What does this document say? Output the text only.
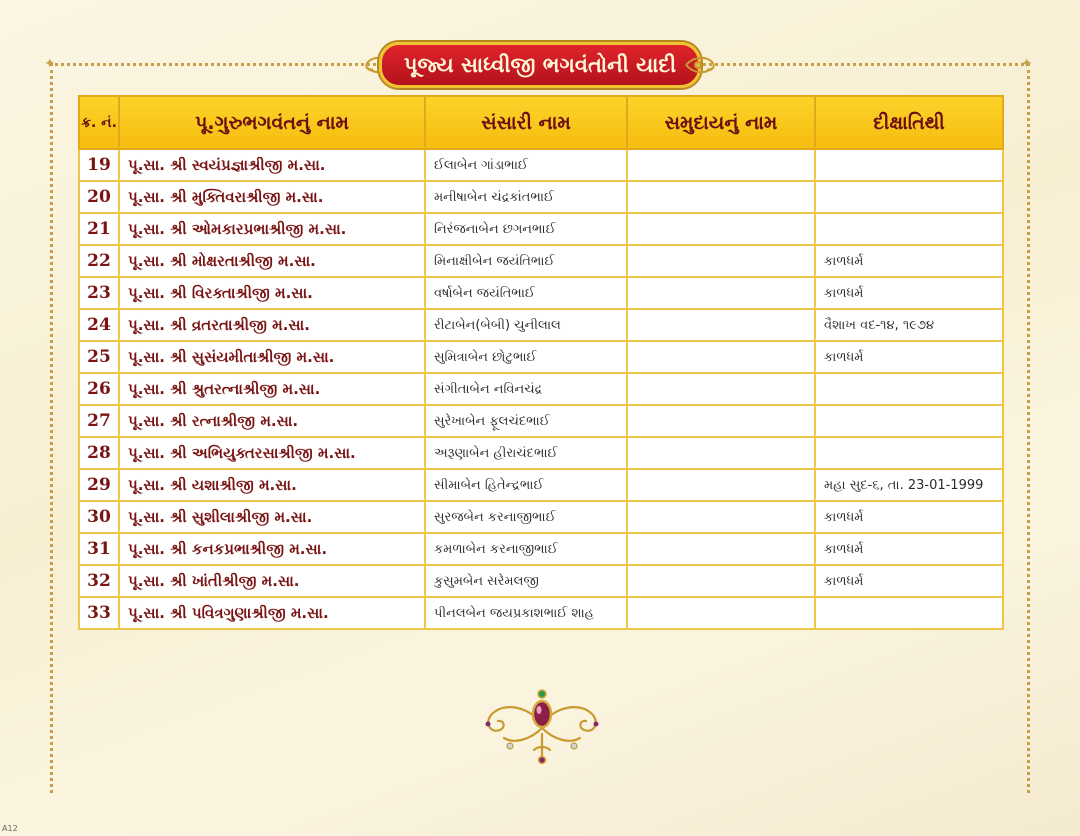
✦	✦
પૂજ્ય સાધ્વીજી ભગવંતોની યાદી
ક્ર. નં.	પૂ.ગુરુભગવંતનું નામ	સંસારી નામ	સમુદાયનું નામ	દીક્ષાતિથી
19	પૂ.સા. શ્રી સ્વયંપ્રજ્ઞાશ્રીજી મ.સા.	ઈલાબેન ગાંડાભાઈ		
20	પૂ.સા. શ્રી મુક્તિવરાશ્રીજી મ.સા.	મનીષાબેન ચંદ્રકાંતભાઈ		
21	પૂ.સા. શ્રી ઓમકારપ્રભાશ્રીજી મ.સા.	નિરંજનાબેન છગનભાઈ		
22	પૂ.સા. શ્રી મોક્ષરતાશ્રીજી મ.સા.	મિનાક્ષીબેન જયંતિભાઈ		કાળધર્મ
23	પૂ.સા. શ્રી વિરક્તાશ્રીજી મ.સા.	વર્ષાબેન જયંતિભાઈ		કાળધર્મ
24	પૂ.સા. શ્રી વ્રતરતાશ્રીજી મ.સા.	રીટાબેન(બેબી) ચુનીલાલ		વૈશાખ વદ-૧૪, ૧૯૭૪
25	પૂ.સા. શ્રી સુસંયમીતાશ્રીજી મ.સા.	સુમિત્રાબેન છોટુભાઈ		કાળધર્મ
26	પૂ.સા. શ્રી શ્રુતરત્નાશ્રીજી મ.સા.	સંગીતાબેન નવિનચંદ્ર		
27	પૂ.સા. શ્રી રત્નાશ્રીજી મ.સા.	સુરેખાબેન ફૂલચંદભાઈ		
28	પૂ.સા. શ્રી અભિયુક્તરસાશ્રીજી મ.સા.	અરૂણાબેન હીરાચંદભાઈ		
29	પૂ.સા. શ્રી યશાશ્રીજી મ.સા.	સીમાબેન હિતેન્દ્રભાઈ		મહા સુદ-૬, તા. 23-01-1999
30	પૂ.સા. શ્રી સુશીલાશ્રીજી મ.સા.	સુરજબેન કરનાજીભાઈ		કાળધર્મ
31	પૂ.સા. શ્રી કનકપ્રભાશ્રીજી મ.સા.	કમળાબેન કરનાજીભાઈ		કાળધર્મ
32	પૂ.સા. શ્રી ખાંતીશ્રીજી મ.સા.	કુસુમબેન સરેમલજી		કાળધર્મ
33	પૂ.સા. શ્રી પવિત્રગુણાશ્રીજી મ.સા.	પીનલબેન જયપ્રકાશભાઈ શાહ		
A12
